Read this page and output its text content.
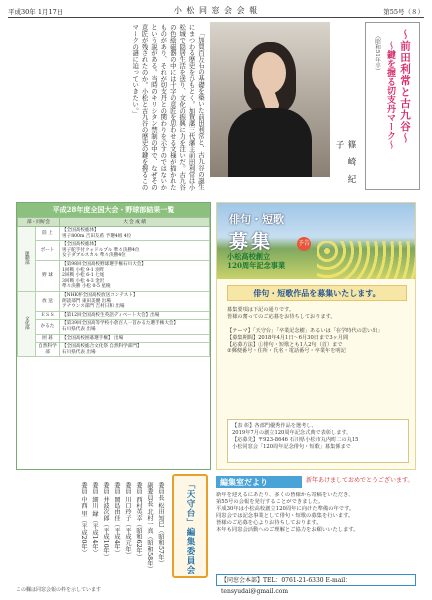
平成30年 1月17日	小 松 同 窓 会 会 報	第55号（８）

「加賀百万石の基礎を築いた前田利常と、古九谷の誕生にまつわる歴史をひもとく。加賀藩三代藩主前田利常は小松城で隠居生活を送り、文化の振興に力を注いだ。古九谷の色絵磁器の中には十字の意匠を思わせる文様が描かれたものがあり、それが切支丹との関わりを示すのではないかという説がある。当時のキリシタン禁制の中で、なぜその意匠が残されたのか。小松と古九谷の歴史の鍵を握るこのマークの謎に迫っていきたい。」

篠 崎 紀 子
〜前田利常と古九谷〜
〜鍵を握る切支丹マーク〜
（昭和51年卒）
平成28年度全国大会・野球部結果一覧
部・同好会		大 会 成 績
運動部	陸 上	【全国高校総体】
男子800m 吉田友希 予選4組 4位
	ボート	【全国高校総体】
男子舵手付クォドルプル 準々決勝4位
女子ダブルスカル 準々決勝4位
	野 球	【第98回全国高校野球選手権石川大会】
1回戦 小松 9-1 羽咋
2回戦 小松 6-1 七尾
3回戦 小松 4-3 金沢
準々決勝 小松 0-5 星稜
文化部	放 送	【NHK杯全国高校放送コンテスト】
朗読部門 東田美優 出場
アナウンス部門 吉村日和 出場
	ＥＳＳ	【第12回全国高校生英語ディベート大会】出場
	かるた	【第39回全国高等学校小倉百人一首かるた選手権大会】
石川県代表 出場
	囲 碁	【全国高校囲碁選手権】 出場
	自然科学部	【全国高校総合文化祭 自然科学部門】
石川県代表 出場
俳句・短歌
募集	予告
小松高校創立
120周年記念事業
俳句・短歌作品を募集いたします。
募集要項は下記の通りです。
皆様の奮ってのご応募をお待ちしております。

【テーマ】「天守台」「卒業記念樹」あるいは「在学時代の思い出」
【募集期間】2018年4月1日〜6月30日まで3ヶ月間
【応募方法】①俳句・短歌とも1人2句（首）まで
②郵便番号・住所・氏名・電話番号・卒業年を明記
【表 彰】各部門優秀作品を選考し、
2019年7月の創立120周年記念式典で表彰します。
【応募先】〒923-8646 石川県小松市丸内町二の丸15
小松同窓会「120周年記念俳句・短歌」募集係まで
委員長 松田知巳（昭和57年）
副委員長 北村一真（昭和58年）
委員 西村英幸（昭和62年）
委員 川口玲子（平成元年）
委員 岡島由佳（平成4年）
委員 井波次郎（平成10年）
委員 細川 縁（平成14年）
委員 中西 里（平成20年）	「天守台」編集委員会	編集室だより	新年あけましておめでとうございます。
新年を迎えるにあたり、多くの皆様から寄稿をいただき、
第55号の会報を発行することができました。
平成30年は小松高校創立120周年に向けた準備の年です。
同窓会では記念事業として俳句・短歌の募集を行います。
皆様のご応募を心よりお待ちしております。
本年も同窓会活動へのご理解とご協力をお願いいたします。
【同窓会本部】TEL：0761-21-6330 E-mail：tensyudai@gmail.com
この欄は同窓会報の枠を示しています
